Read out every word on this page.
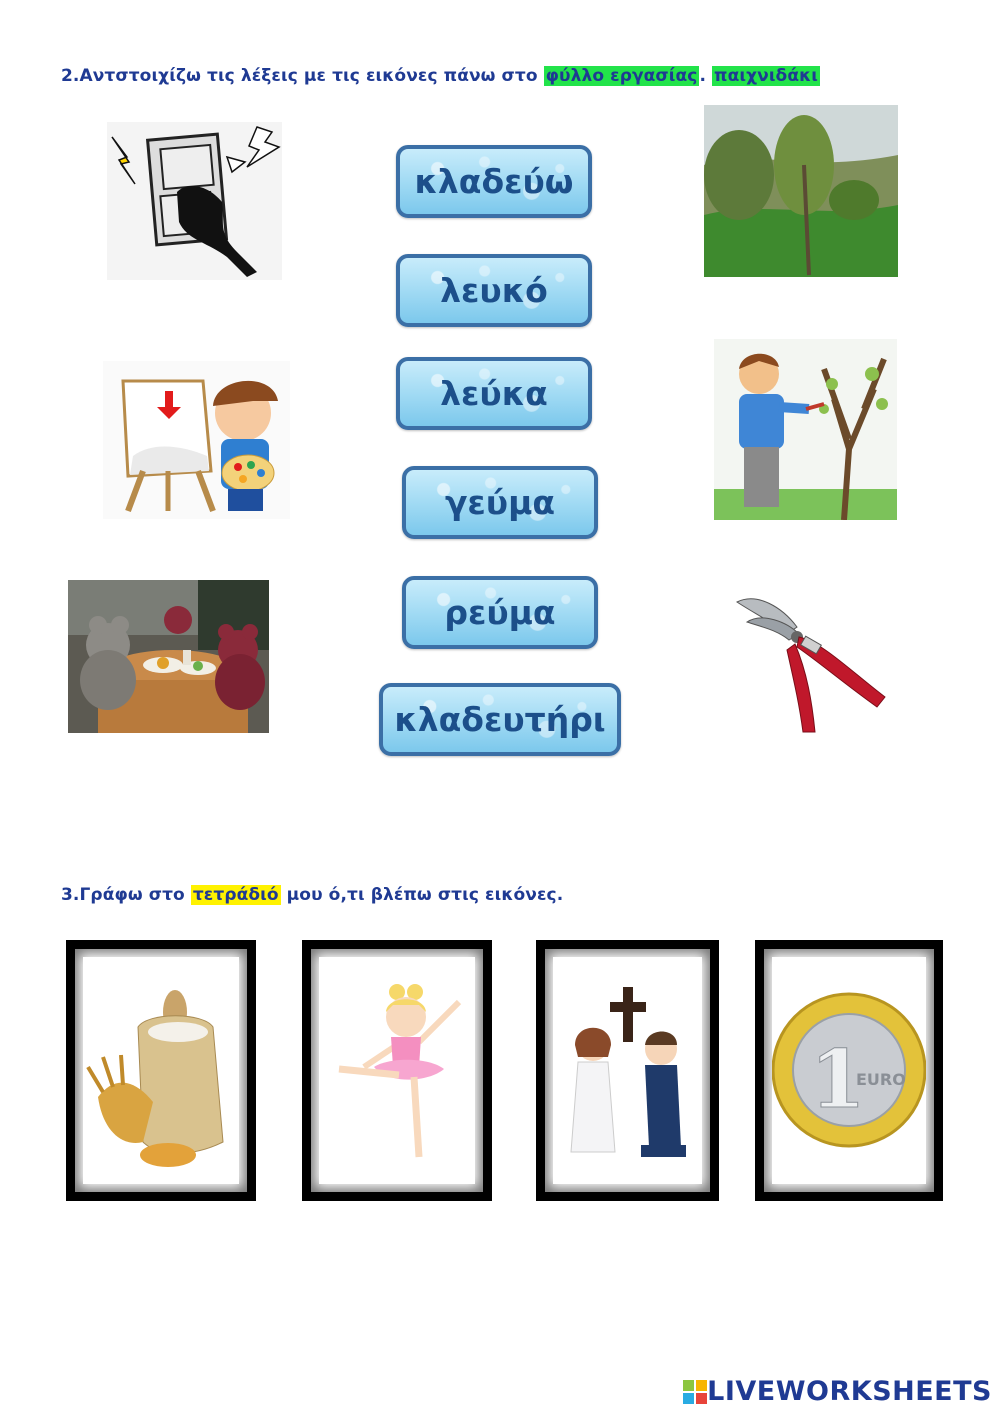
2.Αντστοιχίζω τις λέξεις με τις εικόνες πάνω στο φύλλο εργασίας . παιχνιδάκι
κλαδεύω
λευκό
λεύκα
γεύμα
ρεύμα
κλαδευτήρι
3.Γράφω στο τετράδιό μου ό,τι βλέπω στις εικόνες.
1
EURO
LIVEWORKSHEETS
